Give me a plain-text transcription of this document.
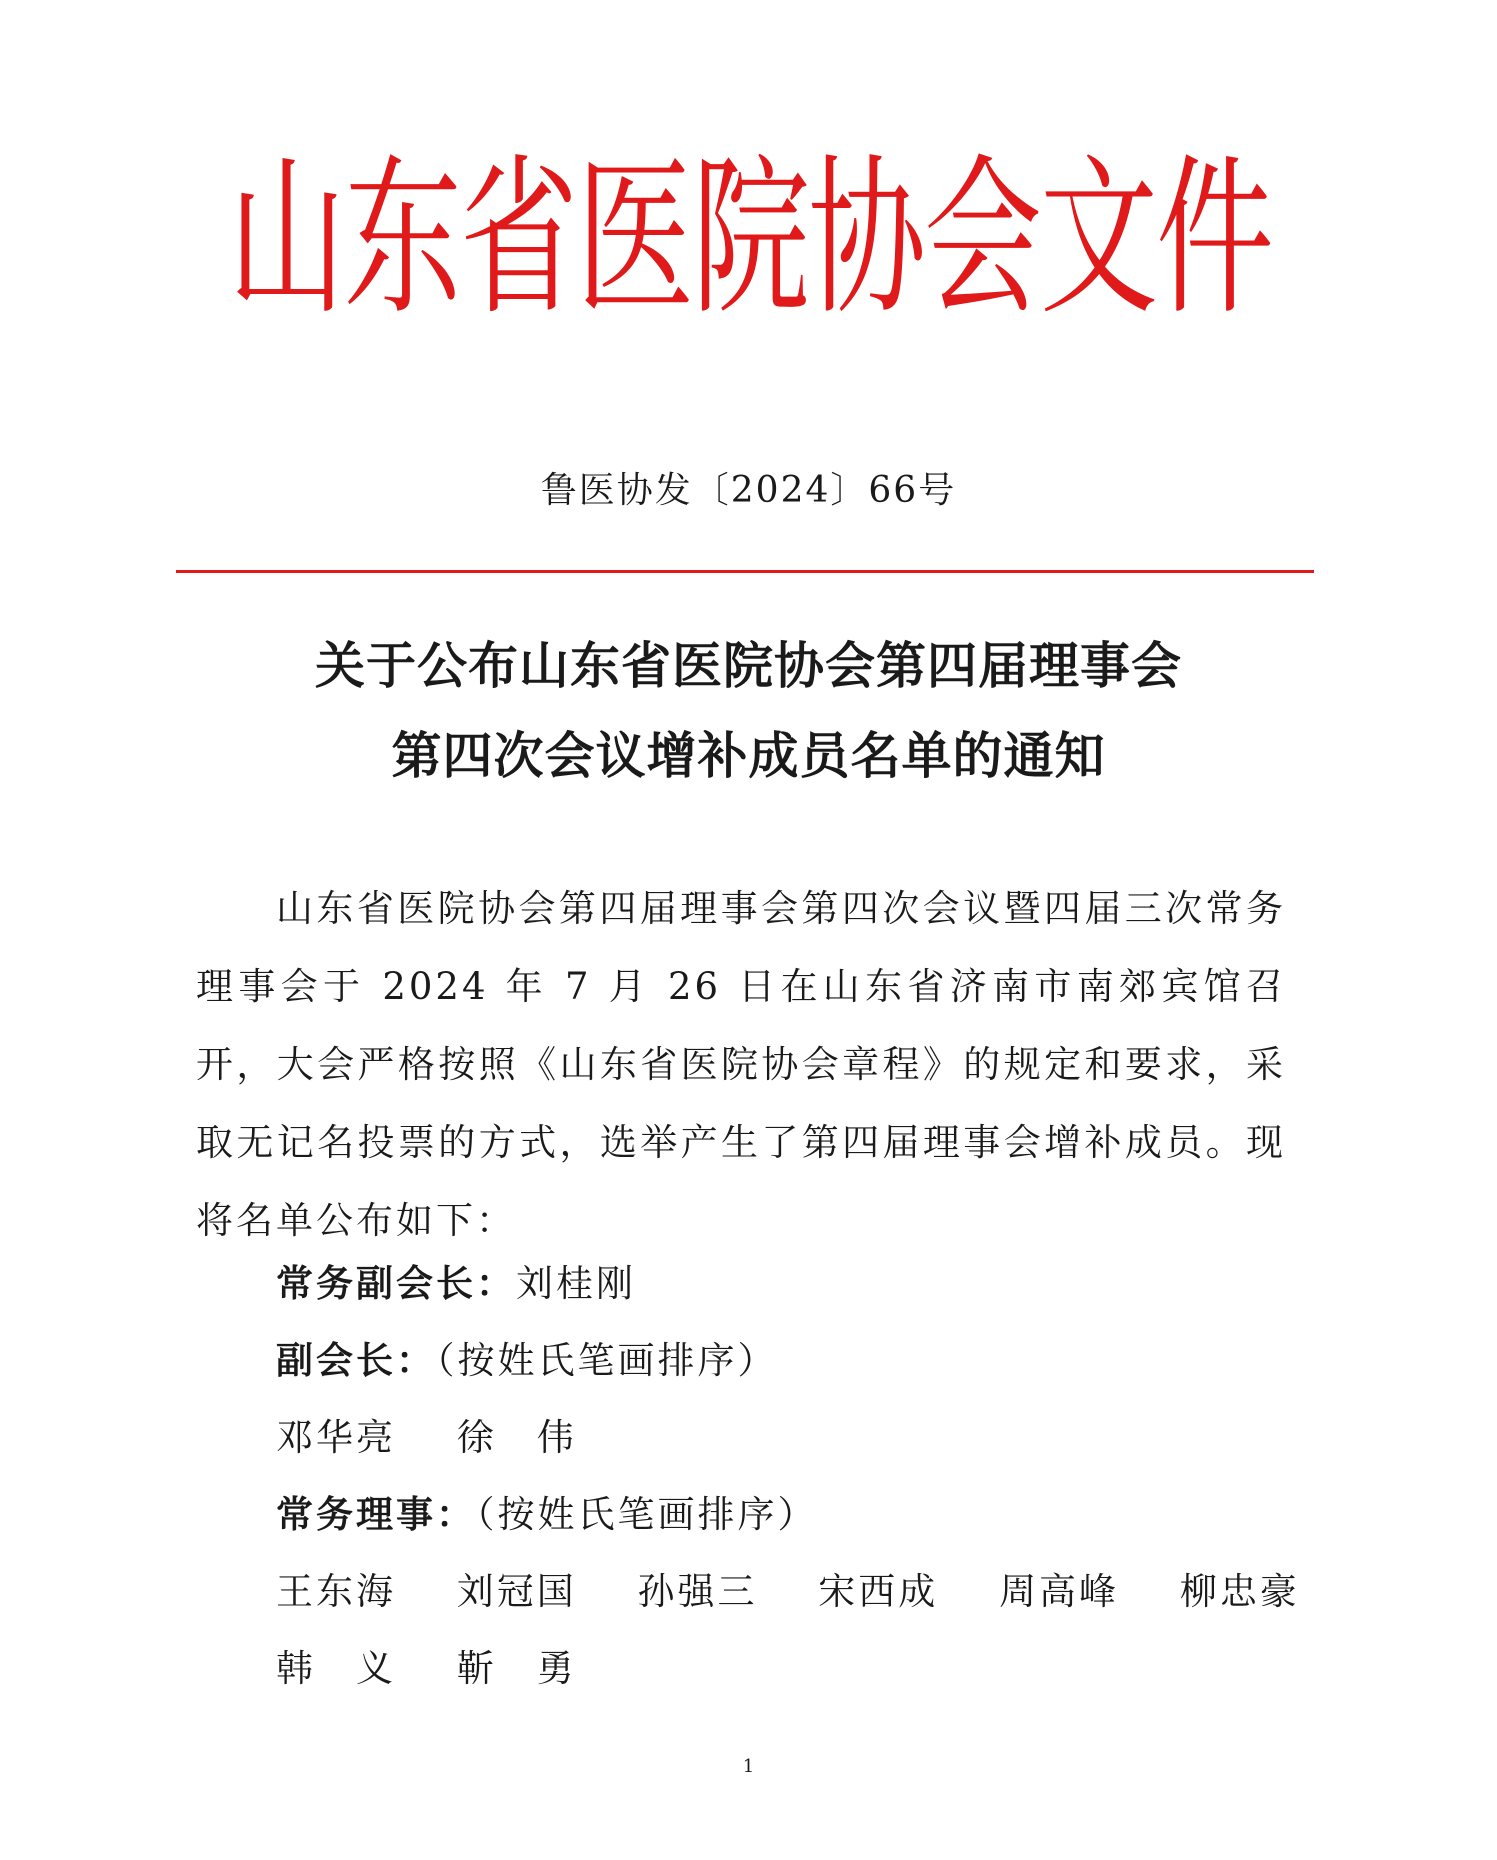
山东省医院协会文件
鲁医协发〔2024〕66号
关于公布山东省医院协会第四届理事会
第四次会议增补成员名单的通知

山东省医院协会第四届理事会第四次会议暨四届三次常务理事会于 2024 年 7 月 26 日在山东省济南市南郊宾馆召开，大会严格按照《山东省医院协会章程》的规定和要求，采取无记名投票的方式，选举产生了第四届理事会增补成员。现将名单公布如下：

常务副会长：刘桂刚
副会长：（按姓氏笔画排序）
邓华亮 徐　伟
常务理事：（按姓氏笔画排序）
王东海 刘冠国 孙强三 宋西成 周高峰 柳忠豪
韩　义 靳　勇
1
